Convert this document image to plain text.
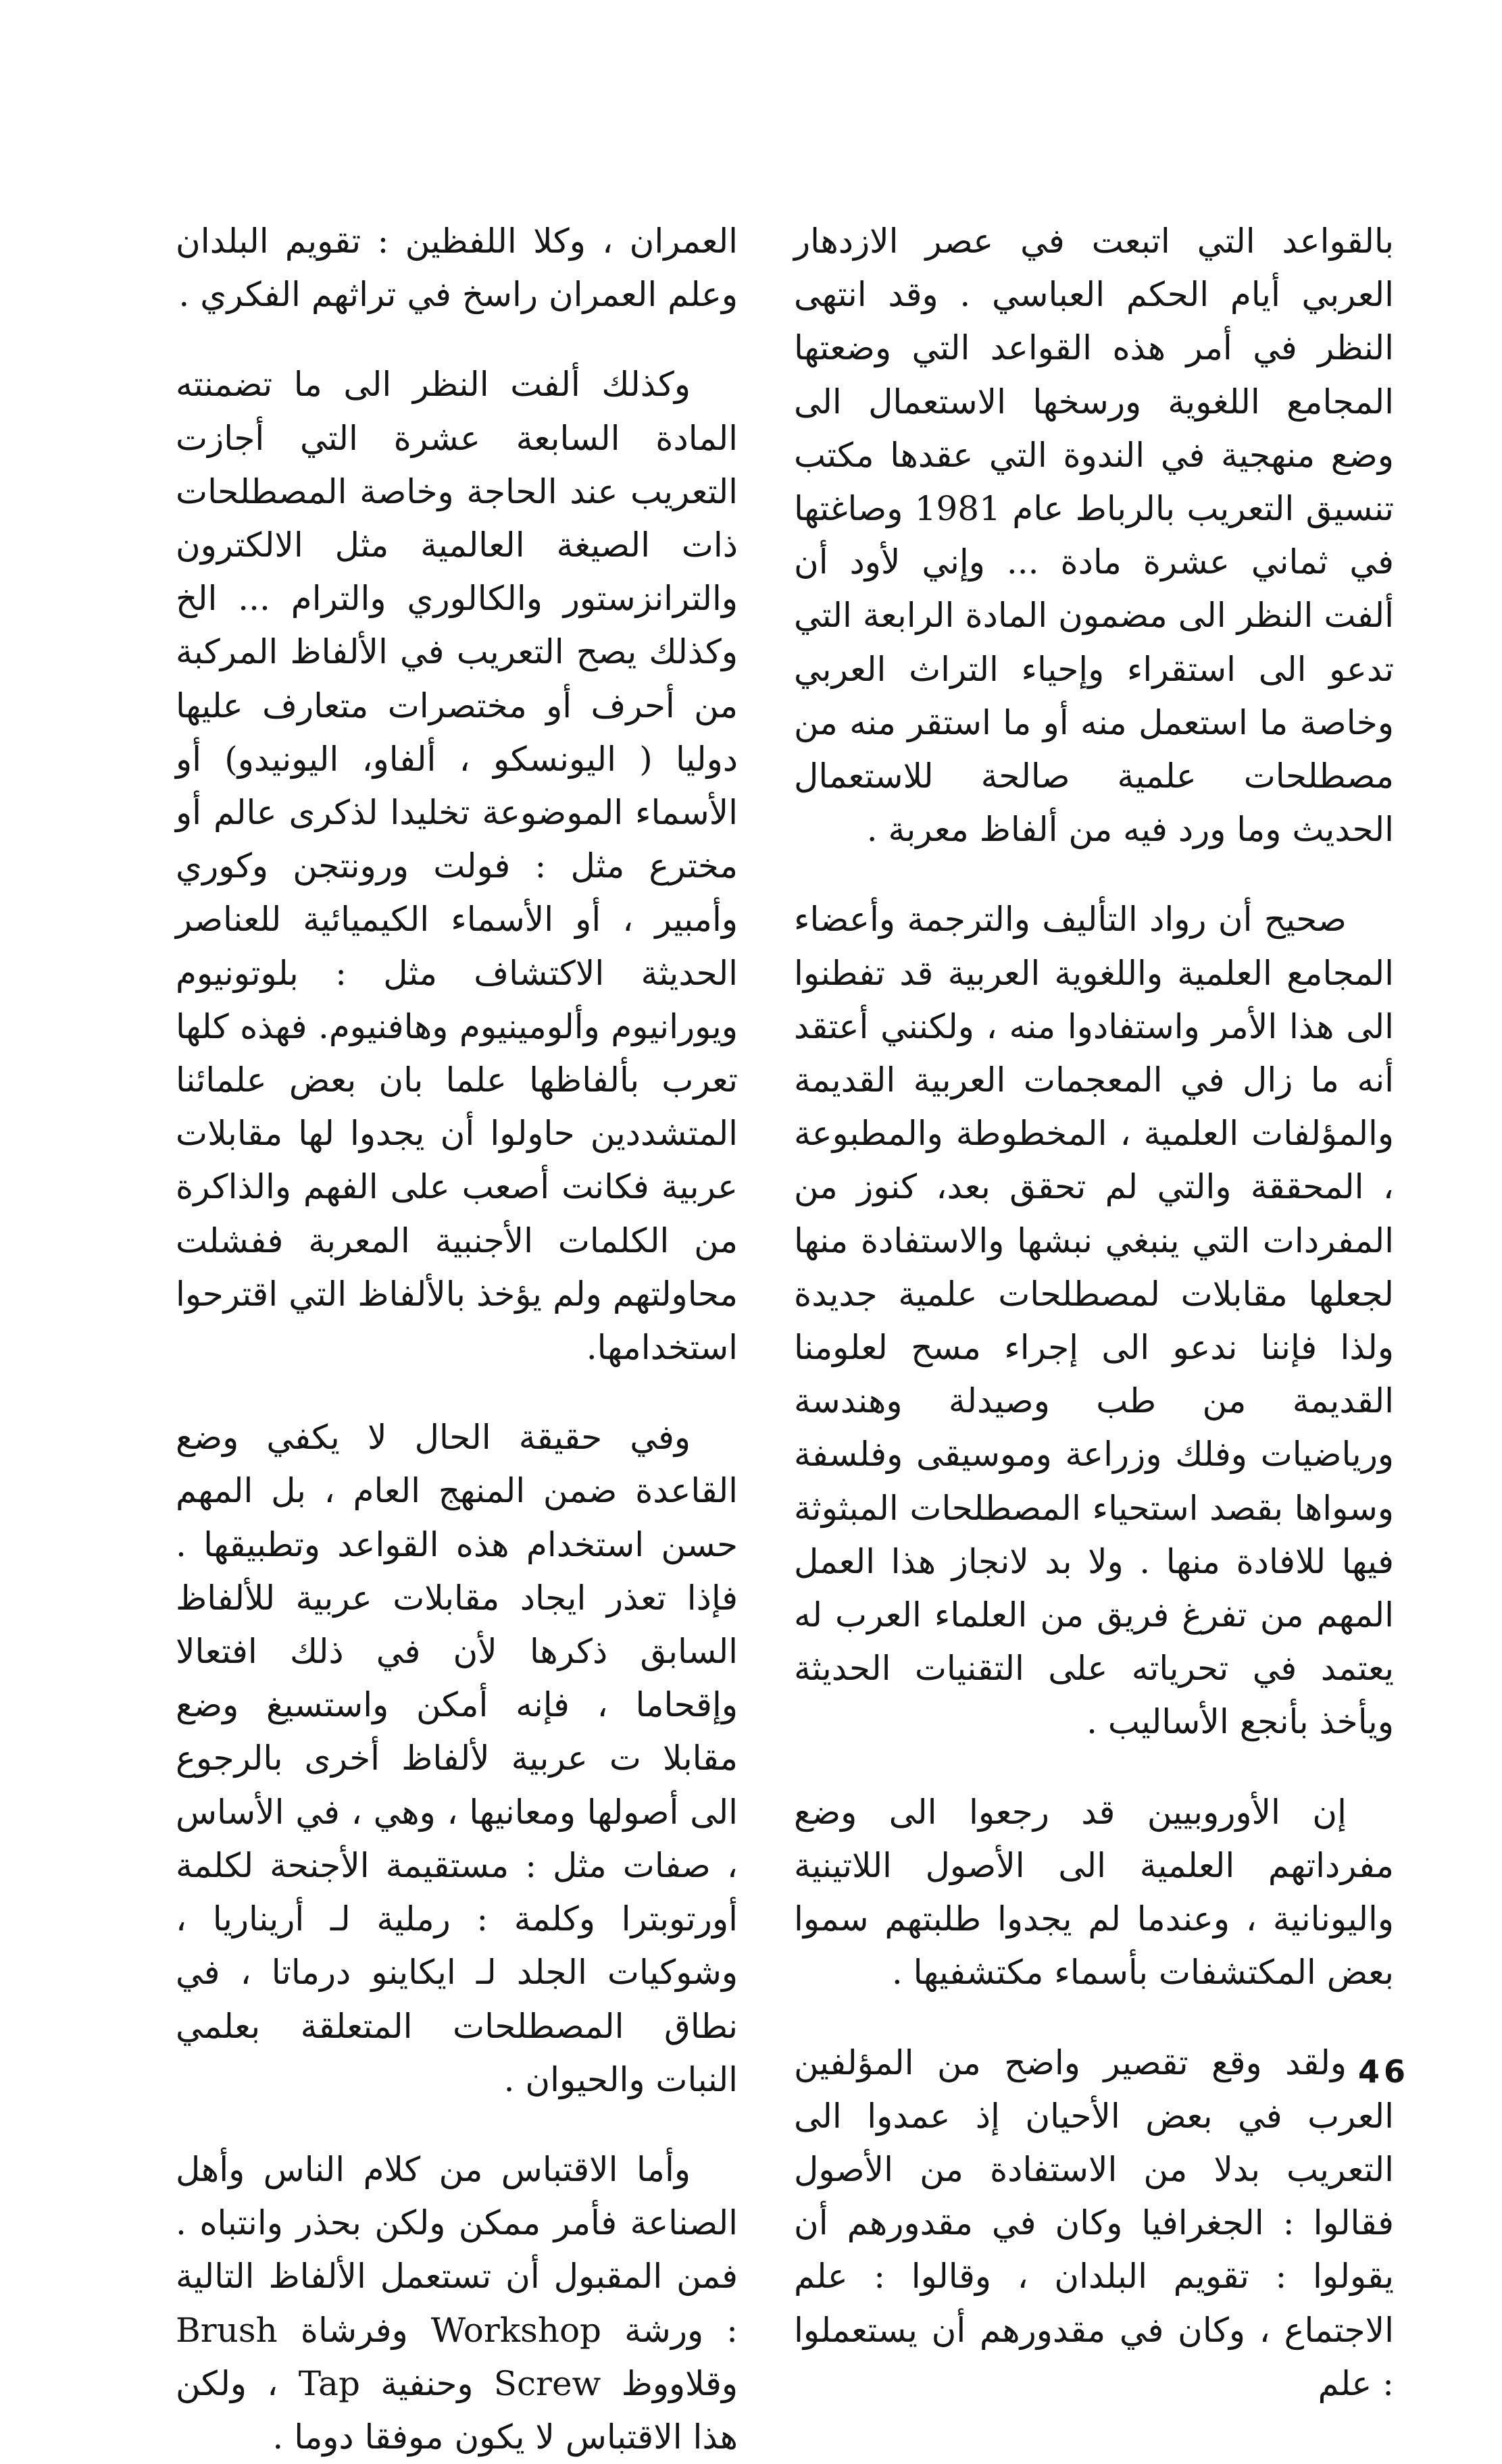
بالقواعد التي اتبعت في عصر الازدهار العربي أيام الحكم العباسي . وقد انتهى النظر في أمر هذه القواعد التي وضعتها المجامع اللغوية ورسخها الاستعمال الى وضع منهجية في الندوة التي عقدها مكتب تنسيق التعريب بالرباط عام 1981 وصاغتها في ثماني عشرة مادة ... وإني لأود أن ألفت النظر الى مضمون المادة الرابعة التي تدعو الى استقراء وإحياء التراث العربي وخاصة ما استعمل منه أو ما استقر منه من مصطلحات علمية صالحة للاستعمال الحديث وما ورد فيه من ألفاظ معربة .

صحيح أن رواد التأليف والترجمة وأعضاء المجامع العلمية واللغوية العربية قد تفطنوا الى هذا الأمر واستفادوا منه ، ولكنني أعتقد أنه ما زال في المعجمات العربية القديمة والمؤلفات العلمية ، المخطوطة والمطبوعة ، المحققة والتي لم تحقق بعد، كنوز من المفردات التي ينبغي نبشها والاستفادة منها لجعلها مقابلات لمصطلحات علمية جديدة ولذا فإننا ندعو الى إجراء مسح لعلومنا القديمة من طب وصيدلة وهندسة ورياضيات وفلك وزراعة وموسيقى وفلسفة وسواها بقصد استحياء المصطلحات المبثوثة فيها للافادة منها . ولا بد لانجاز هذا العمل المهم من تفرغ فريق من العلماء العرب له يعتمد في تحرياته على التقنيات الحديثة ويأخذ بأنجع الأساليب .

إن الأوروبيين قد رجعوا الى وضع مفرداتهم العلمية الى الأصول اللاتينية واليونانية ، وعندما لم يجدوا طلبتهم سموا بعض المكتشفات بأسماء مكتشفيها .

ولقد وقع تقصير واضح من المؤلفين العرب في بعض الأحيان إذ عمدوا الى التعريب بدلا من الاستفادة من الأصول فقالوا : الجغرافيا وكان في مقدورهم أن يقولوا : تقويم البلدان ، وقالوا : علم الاجتماع ، وكان في مقدورهم أن يستعملوا : علم

العمران ، وكلا اللفظين : تقويم البلدان وعلم العمران راسخ في تراثهم الفكري .

وكذلك ألفت النظر الى ما تضمنته المادة السابعة عشرة التي أجازت التعريب عند الحاجة وخاصة المصطلحات ذات الصيغة العالمية مثل الالكترون والترانزستور والكالوري والترام ... الخ وكذلك يصح التعريب في الألفاظ المركبة من أحرف أو مختصرات متعارف عليها دوليا ( اليونسكو ، ألفاو، اليونيدو) أو الأسماء الموضوعة تخليدا لذكرى عالم أو مخترع مثل : فولت ورونتجن وكوري وأمبير ، أو الأسماء الكيميائية للعناصر الحديثة الاكتشاف مثل : بلوتونيوم ويورانيوم وألومينيوم وهافنيوم. فهذه كلها تعرب بألفاظها علما بان بعض علمائنا المتشددين حاولوا أن يجدوا لها مقابلات عربية فكانت أصعب على الفهم والذاكرة من الكلمات الأجنبية المعربة ففشلت محاولتهم ولم يؤخذ بالألفاظ التي اقترحوا استخدامها.

وفي حقيقة الحال لا يكفي وضع القاعدة ضمن المنهج العام ، بل المهم حسن استخدام هذه القواعد وتطبيقها . فإذا تعذر ايجاد مقابلات عربية للألفاظ السابق ذكرها لأن في ذلك افتعالا وإقحاما ، فإنه أمكن واستسيغ وضع مقابلا ت عربية لألفاظ أخرى بالرجوع الى أصولها ومعانيها ، وهي ، في الأساس ، صفات مثل : مستقيمة الأجنحة لكلمة أورتوبترا وكلمة : رملية لـ أريناريا ، وشوكيات الجلد لـ ايكاينو درماتا ، في نطاق المصطلحات المتعلقة بعلمي النبات والحيوان .

وأما الاقتباس من كلام الناس وأهل الصناعة فأمر ممكن ولكن بحذر وانتباه . فمن المقبول أن تستعمل الألفاظ التالية : ورشة Workshop وفرشاة Brush وقلاووظ Screw وحنفية Tap ، ولكن هذا الاقتباس لا يكون موفقا دوما .

46
